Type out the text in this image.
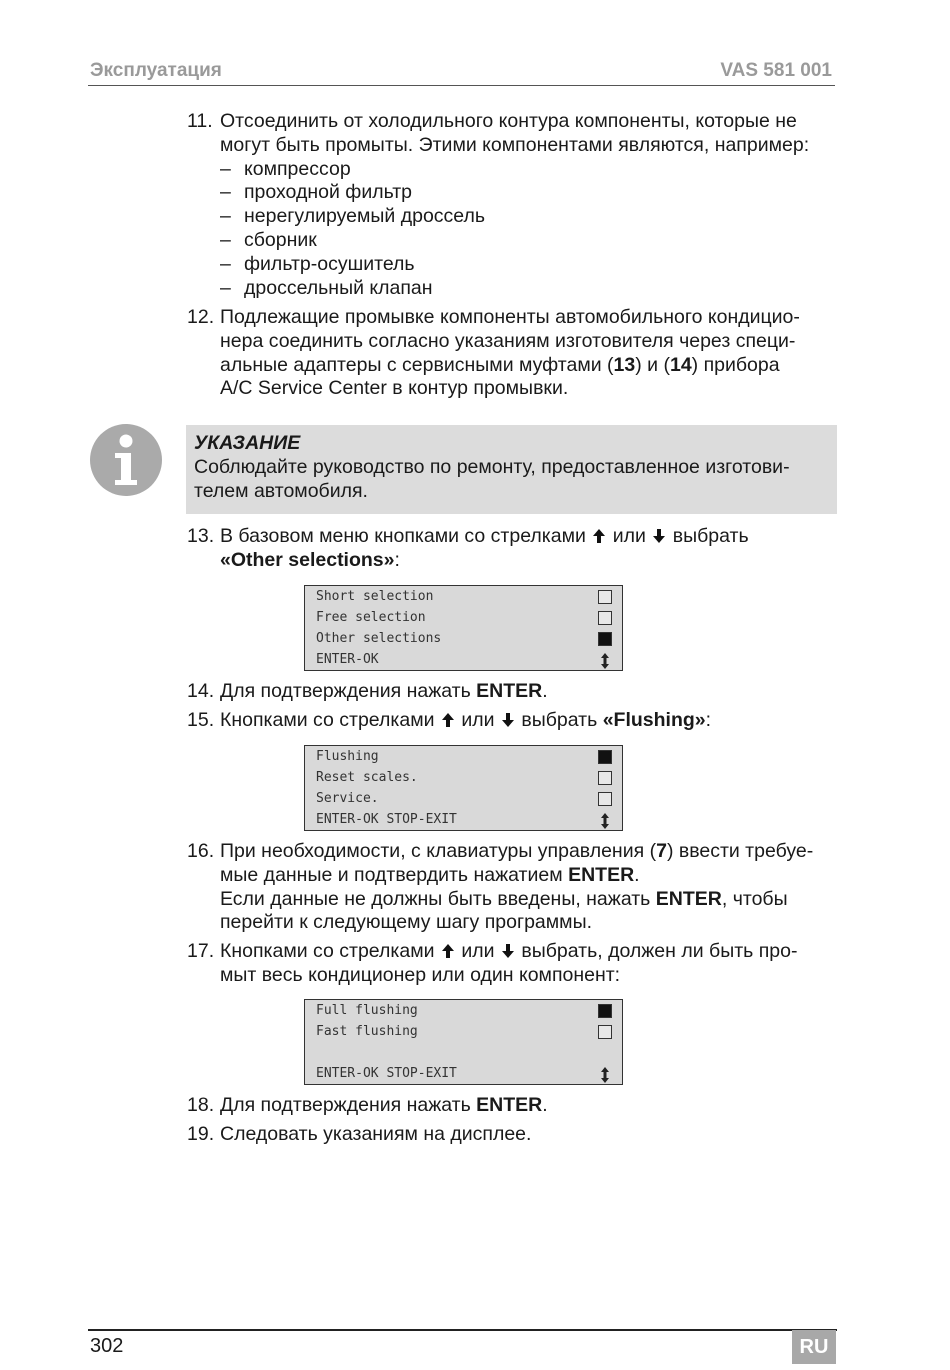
Эксплуатация	VAS 581 001
11. Отсоединить от холодильного контура компоненты, которые не
могут быть промыты. Этими компонентами являются, например:
– компрессор
– проходной фильтр
– нерегулируемый дроссель
– сборник
– фильтр-осушитель
– дроссельный клапан
12. Подлежащие промывке компоненты автомобильного кондицио-
нера соединить согласно указаниям изготовителя через специ-
альные адаптеры с сервисными муфтами (13) и (14) прибора
A/C Service Center в контур промывки.
УКАЗАНИЕ
Соблюдайте руководство по ремонту, предоставленное изготови-
телем автомобиля.
13. В базовом меню кнопками со стрелками или выбрать
«Other selections»:
Short selection
Free selection
Other selections
ENTER-OK

14. Для подтверждения нажать ENTER.
15. Кнопками со стрелками или выбрать «Flushing»:
Flushing
Reset scales.
Service.
ENTER-OK STOP-EXIT

16. При необходимости, с клавиатуры управления (7) ввести требуе-
мые данные и подтвердить нажатием ENTER.
Если данные не должны быть введены, нажать ENTER, чтобы
перейти к следующему шагу программы.
17. Кнопками со стрелками или выбрать, должен ли быть про-
мыт весь кондиционер или один компонент:
Full flushing
Fast flushing
ENTER-OK STOP-EXIT

18. Для подтверждения нажать ENTER.
19. Следовать указаниям на дисплее.
302	RU
